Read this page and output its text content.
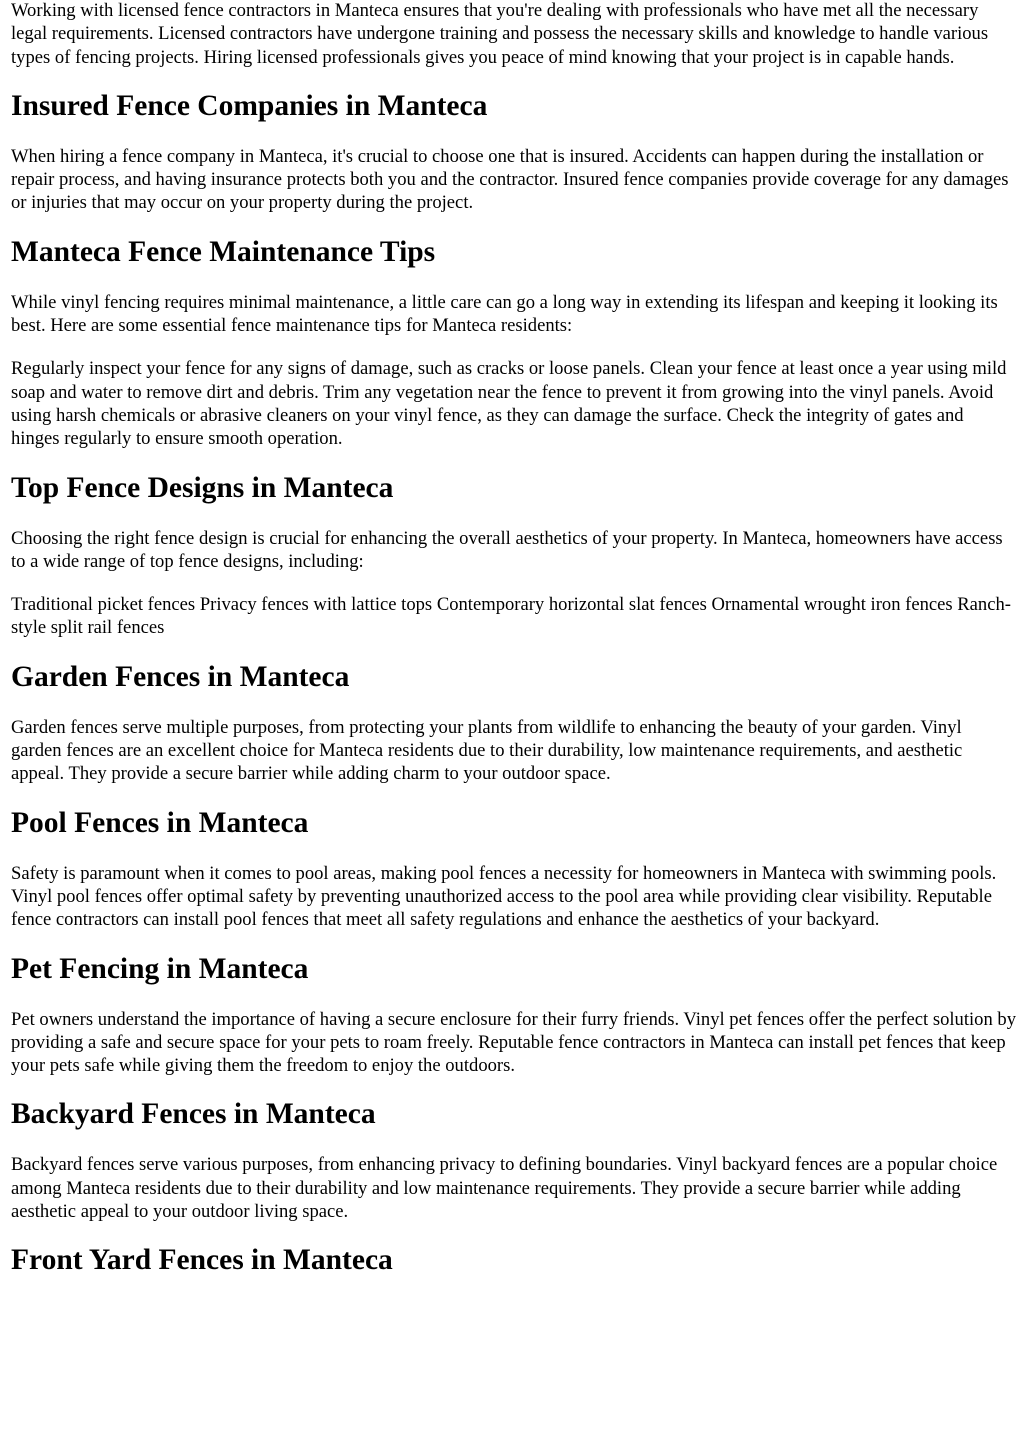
Working with licensed fence contractors in Manteca ensures that you're dealing with professionals who have met all the necessary legal requirements. Licensed contractors have undergone training and possess the necessary skills and knowledge to handle various types of fencing projects. Hiring licensed professionals gives you peace of mind knowing that your project is in capable hands.

Insured Fence Companies in Manteca

When hiring a fence company in Manteca, it's crucial to choose one that is insured. Accidents can happen during the installation or repair process, and having insurance protects both you and the contractor. Insured fence companies provide coverage for any damages or injuries that may occur on your property during the project.

Manteca Fence Maintenance Tips

While vinyl fencing requires minimal maintenance, a little care can go a long way in extending its lifespan and keeping it looking its best. Here are some essential fence maintenance tips for Manteca residents:

Regularly inspect your fence for any signs of damage, such as cracks or loose panels. Clean your fence at least once a year using mild soap and water to remove dirt and debris. Trim any vegetation near the fence to prevent it from growing into the vinyl panels. Avoid using harsh chemicals or abrasive cleaners on your vinyl fence, as they can damage the surface. Check the integrity of gates and hinges regularly to ensure smooth operation.

Top Fence Designs in Manteca

Choosing the right fence design is crucial for enhancing the overall aesthetics of your property. In Manteca, homeowners have access to a wide range of top fence designs, including:

Traditional picket fences Privacy fences with lattice tops Contemporary horizontal slat fences Ornamental wrought iron fences Ranch-style split rail fences

Garden Fences in Manteca

Garden fences serve multiple purposes, from protecting your plants from wildlife to enhancing the beauty of your garden. Vinyl garden fences are an excellent choice for Manteca residents due to their durability, low maintenance requirements, and aesthetic appeal. They provide a secure barrier while adding charm to your outdoor space.

Pool Fences in Manteca

Safety is paramount when it comes to pool areas, making pool fences a necessity for homeowners in Manteca with swimming pools. Vinyl pool fences offer optimal safety by preventing unauthorized access to the pool area while providing clear visibility. Reputable fence contractors can install pool fences that meet all safety regulations and enhance the aesthetics of your backyard.

Pet Fencing in Manteca

Pet owners understand the importance of having a secure enclosure for their furry friends. Vinyl pet fences offer the perfect solution by providing a safe and secure space for your pets to roam freely. Reputable fence contractors in Manteca can install pet fences that keep your pets safe while giving them the freedom to enjoy the outdoors.

Backyard Fences in Manteca

Backyard fences serve various purposes, from enhancing privacy to defining boundaries. Vinyl backyard fences are a popular choice among Manteca residents due to their durability and low maintenance requirements. They provide a secure barrier while adding aesthetic appeal to your outdoor living space.

Front Yard Fences in Manteca
